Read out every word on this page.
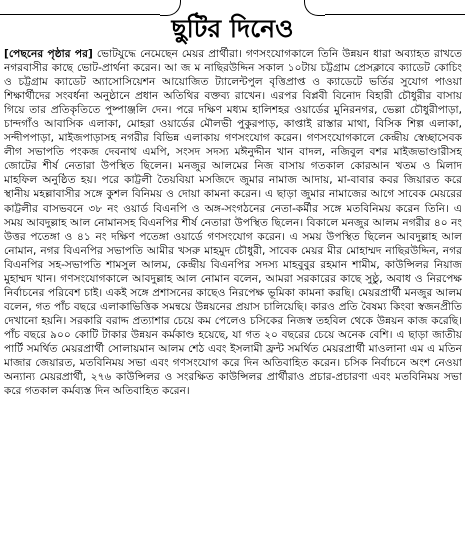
ছুটির দিনেও

[পেছনের পৃষ্ঠার পর] ভোটযুদ্ধে নেমেছেন মেয়র প্রার্থীরা। গণসংযোগকালে তিনি উন্নয়ন ধারা অব্যাহত রাখতে নগরবাসীর কাছে ভোট-প্রার্থনা করেন। আ জ ম নাছিরউদ্দিন সকাল ১০টায় চট্টগ্রাম প্রেসক্লাবে ক্যাডেট কোচিং ও চট্টগ্রাম ক্যাডেট অ্যাসোসিয়েশন আয়োজিত ট্যালেন্টপুল বৃত্তিপ্রাপ্ত ও ক্যাডেটে ভর্তির সুযোগ পাওয়া শিক্ষার্থীদের সংবর্ধনা অনুষ্ঠানে প্রধান অতিথির বক্তব্য রাখেন। এরপর বিপ্লবী বিনোদ বিহারী চৌধুরীর বাসায় গিয়ে তার প্রতিকৃতিতে পুষ্পাঞ্জলি দেন। পরে দক্ষিণ মধ্যম হালিশহর ওয়ার্ডের মুনিরনগর, ভেল্লা চৌধুরীপাড়া, চান্দগাঁও আবাসিক এলাকা, মোহরা ওয়ার্ডের মৌলভী পুকুরপাড়, কাপ্তাই রাস্তার মাথা, বিসিক শিল্প এলাকা, সন্দীপপাড়া, মাইজপাড়াসহ নগরীর বিভিন্ন এলাকায় গণসংযোগ করেন। গণসংযোগকালে কেন্দ্রীয় স্বেচ্ছাসেবক লীগ সভাপতি পংকজ দেবনাথ এমপি, সংসদ সদস্য মঈনুদ্দীন খান বাদল, নজিবুল বশর মাইজভাণ্ডারীসহ জোটের শীর্ষ নেতারা উপস্থিত ছিলেন। মনজুর আলমের নিজ বাসায় গতকাল কোরআন খতম ও মিলাদ মাহফিল অনুষ্ঠিত হয়। পরে কাট্টলী তৈয়বিয়া মসজিদে জুমার নামাজ আদায়, মা-বাবার কবর জিয়ারত করে স্থানীয় মহল্লাবাসীর সঙ্গে কুশল বিনিময় ও দোয়া কামনা করেন। এ ছাড়া জুমার নামাজের আগে সাবেক মেয়রের কাট্টলীর বাসভবনে ৩৮ নং ওয়ার্ড বিএনপি ও অঙ্গ-সংগঠনের নেতা-কর্মীর সঙ্গে মতবিনিময় করেন তিনি। এ সময় আবদুল্লাহ আল নোমানসহ বিএনপির শীর্ষ নেতারা উপস্থিত ছিলেন। বিকালে মনজুর আলম নগরীর ৪০ নং উত্তর পতেঙ্গা ও ৪১ নং দক্ষিণ পতেঙ্গা ওয়ার্ডে গণসংযোগ করেন। এ সময় উপস্থিত ছিলেন আবদুল্লাহ আল নোমান, নগর বিএনপির সভাপতি আমীর খসরু মাহমুদ চৌধুরী, সাবেক মেয়র মীর মোহাম্মদ নাছিরউদ্দিন, নগর বিএনপির সহ-সভাপতি শামসুল আলম, কেন্দ্রীয় বিএনপির সদস্য মাহবুবুর রহমান শামীম, কাউন্সিলর নিয়াজ মুহাম্মদ খান। গণসংযোগকালে আবদুল্লাহ আল নোমান বলেন, আমরা সরকারের কাছে সুষ্ঠু, অবাধ ও নিরপেক্ষ নির্বাচনের পরিবেশ চাই। একই সঙ্গে প্রশাসনের কাছেও নিরপেক্ষ ভূমিকা কামনা করছি। মেয়রপ্রার্থী মনজুর আলম বলেন, গত পাঁচ বছরে এলাকাভিত্তিক সমন্বয়ে উন্নয়নের প্রয়াস চালিয়েছি। কারও প্রতি বৈষম্য কিংবা স্বজনপ্রীতি দেখানো হয়নি। সরকারি বরাদ্দ প্রত্যাশার চেয়ে কম পেলেও চসিকের নিজস্ব তহবিল থেকে উন্নয়ন কাজ করেছি। পাঁচ বছরে ৯০০ কোটি টাকার উন্নয়ন কর্মকাণ্ড হয়েছে, যা গত ২০ বছরের চেয়ে অনেক বেশি। এ ছাড়া জাতীয় পার্টি সমর্থিত মেয়রপ্রার্থী সোলায়মান আলম শেঠ এবং ইসলামী ফ্রন্ট সমর্থিত মেয়রপ্রার্থী মাওলানা এম এ মতিন মাজার জেয়ারত, মতবিনিময় সভা এবং গণসংযোগ করে দিন অতিবাহিত করেন। চসিক নির্বাচনে অংশ নেওয়া অন্যান্য মেয়রপ্রার্থী, ২৭৬ কাউন্সিলর ও সংরক্ষিত কাউন্সিলর প্রার্থীরাও প্রচার-প্রচারণা এবং মতবিনিময় সভা করে গতকাল কর্মব্যস্ত দিন অতিবাহিত করেন।
